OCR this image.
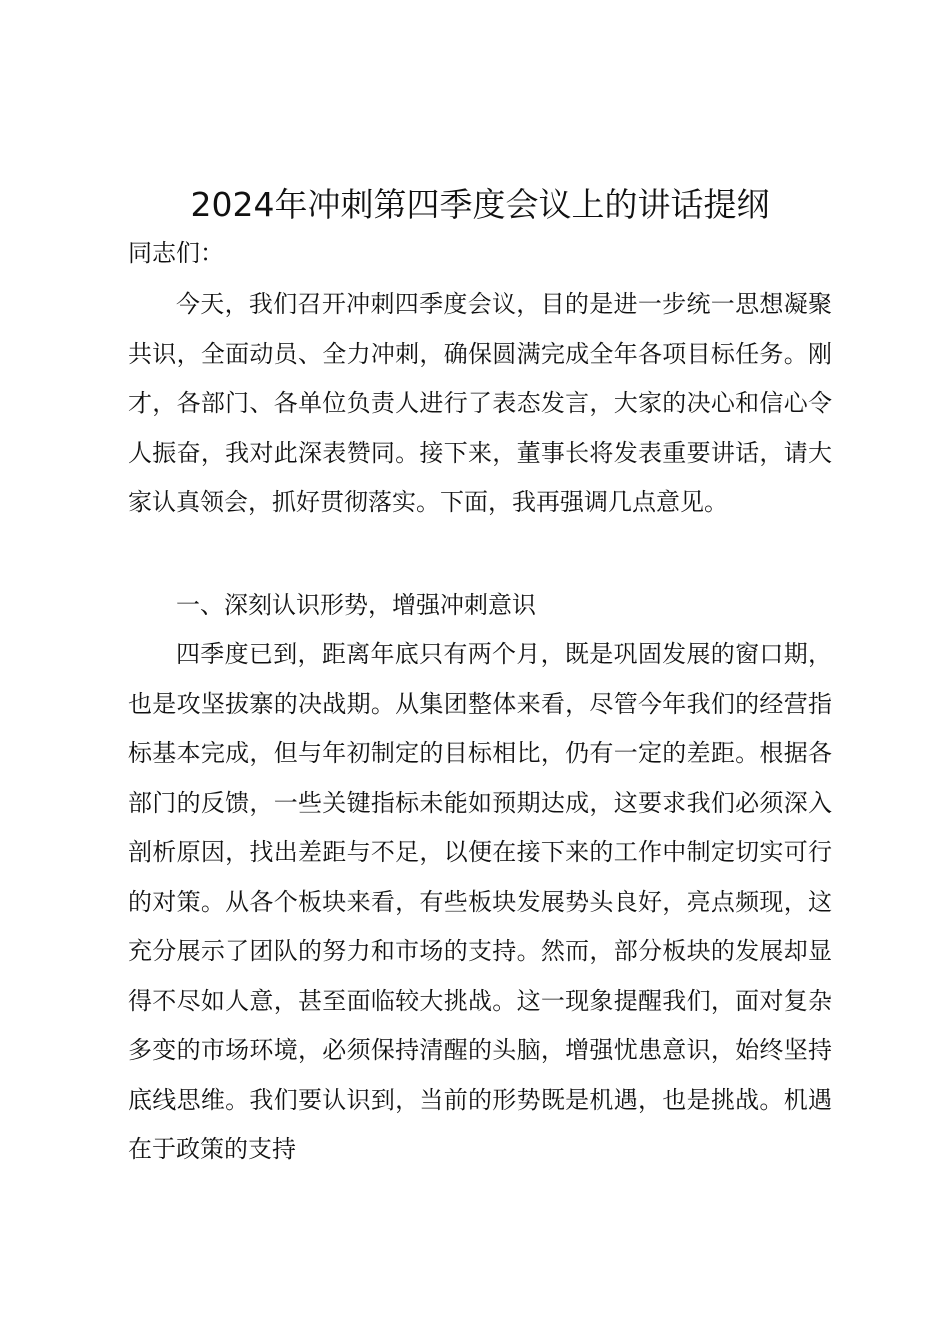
2024年冲刺第四季度会议上的讲话提纲
同志们：

今天，我们召开冲刺四季度会议，目的是进一步统一思想凝聚共识，全面动员、全力冲刺，确保圆满完成全年各项目标任务。刚才，各部门、各单位负责人进行了表态发言，大家的决心和信心令人振奋，我对此深表赞同。接下来，董事长将发表重要讲话，请大家认真领会，抓好贯彻落实。下面，我再强调几点意见。

一、深刻认识形势，增强冲刺意识

四季度已到，距离年底只有两个月，既是巩固发展的窗口期，也是攻坚拔寨的决战期。从集团整体来看，尽管今年我们的经营指标基本完成，但与年初制定的目标相比，仍有一定的差距。根据各部门的反馈，一些关键指标未能如预期达成，这要求我们必须深入剖析原因，找出差距与不足，以便在接下来的工作中制定切实可行的对策。从各个板块来看，有些板块发展势头良好，亮点频现，这充分展示了团队的努力和市场的支持。然而，部分板块的发展却显得不尽如人意，甚至面临较大挑战。这一现象提醒我们，面对复杂多变的市场环境，必须保持清醒的头脑，增强忧患意识，始终坚持底线思维。我们要认识到，当前的形势既是机遇，也是挑战。机遇在于政策的支持
